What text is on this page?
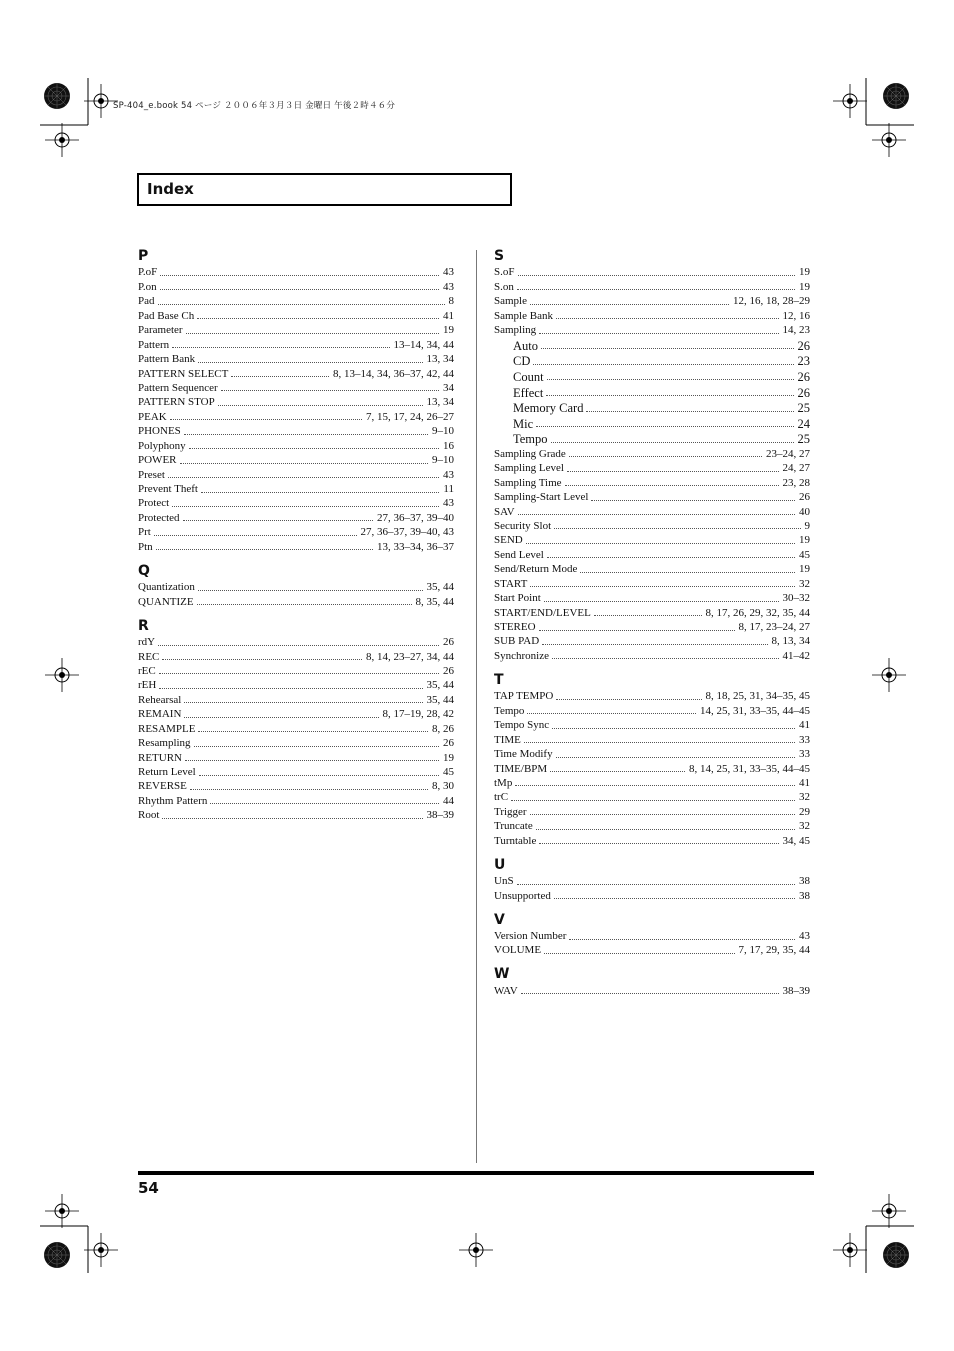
SP-404_e.book 54 ページ ２００６年３月３日 金曜日 午後２時４６分
Index
P
P.oF	43
P.on	43
Pad	8
Pad Base Ch	41
Parameter	19
Pattern	13–14, 34, 44
Pattern Bank	13, 34
PATTERN SELECT	8, 13–14, 34, 36–37, 42, 44
Pattern Sequencer	34
PATTERN STOP	13, 34
PEAK	7, 15, 17, 24, 26–27
PHONES	9–10
Polyphony	16
POWER	9–10
Preset	43
Prevent Theft	11
Protect	43
Protected	27, 36–37, 39–40
Prt	27, 36–37, 39–40, 43
Ptn	13, 33–34, 36–37
Q
Quantization	35, 44
QUANTIZE	8, 35, 44
R
rdY	26
REC	8, 14, 23–27, 34, 44
rEC	26
rEH	35, 44
Rehearsal	35, 44
REMAIN	8, 17–19, 28, 42
RESAMPLE	8, 26
Resampling	26
RETURN	19
Return Level	45
REVERSE	8, 30
Rhythm Pattern	44
Root	38–39
S
S.oF	19
S.on	19
Sample	12, 16, 18, 28–29
Sample Bank	12, 16
Sampling	14, 23
Auto	26
CD	23
Count	26
Effect	26
Memory Card	25
Mic	24
Tempo	25
Sampling Grade	23–24, 27
Sampling Level	24, 27
Sampling Time	23, 28
Sampling-Start Level	26
SAV	40
Security Slot	9
SEND	19
Send Level	45
Send/Return Mode	19
START	32
Start Point	30–32
START/END/LEVEL	8, 17, 26, 29, 32, 35, 44
STEREO	8, 17, 23–24, 27
SUB PAD	8, 13, 34
Synchronize	41–42
T
TAP TEMPO	8, 18, 25, 31, 34–35, 45
Tempo	14, 25, 31, 33–35, 44–45
Tempo Sync	41
TIME	33
Time Modify	33
TIME/BPM	8, 14, 25, 31, 33–35, 44–45
tMp	41
trC	32
Trigger	29
Truncate	32
Turntable	34, 45
U
UnS	38
Unsupported	38
V
Version Number	43
VOLUME	7, 17, 29, 35, 44
W
WAV	38–39
54
